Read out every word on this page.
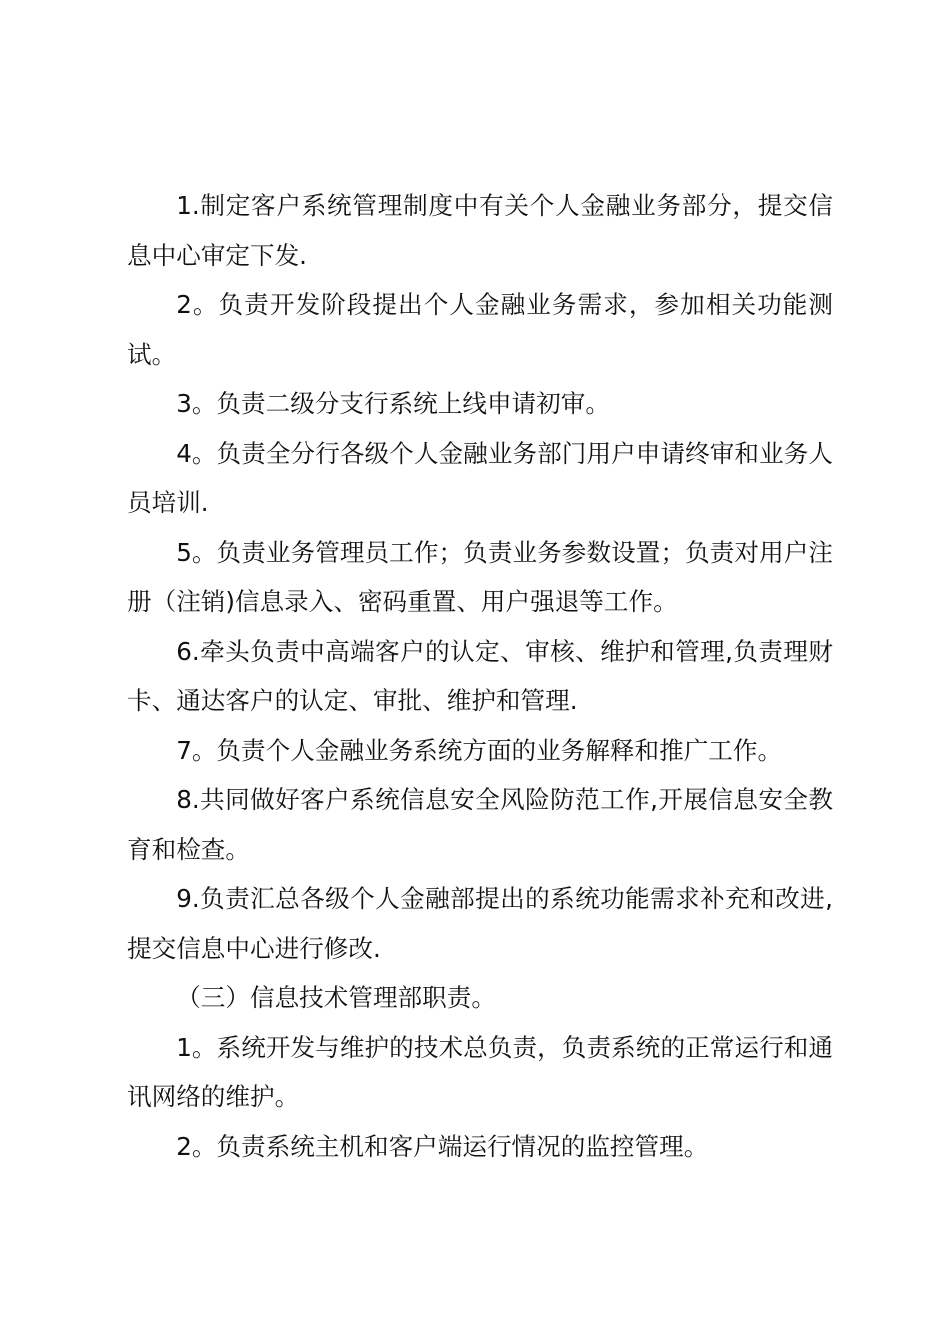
1.制定客户系统管理制度中有关个人金融业务部分，提交信息中心审定下发.

2。负责开发阶段提出个人金融业务需求，参加相关功能测试。

3。负责二级分支行系统上线申请初审。

4。负责全分行各级个人金融业务部门用户申请终审和业务人员培训.

5。负责业务管理员工作；负责业务参数设置；负责对用户注册（注销)信息录入、密码重置、用户强退等工作。

6.牵头负责中高端客户的认定、审核、维护和管理,负责理财卡、通达客户的认定、审批、维护和管理.

7。负责个人金融业务系统方面的业务解释和推广工作。

8.共同做好客户系统信息安全风险防范工作,开展信息安全教育和检查。

9.负责汇总各级个人金融部提出的系统功能需求补充和改进,提交信息中心进行修改.

（三）信息技术管理部职责。

1。系统开发与维护的技术总负责，负责系统的正常运行和通讯网络的维护。

2。负责系统主机和客户端运行情况的监控管理。
